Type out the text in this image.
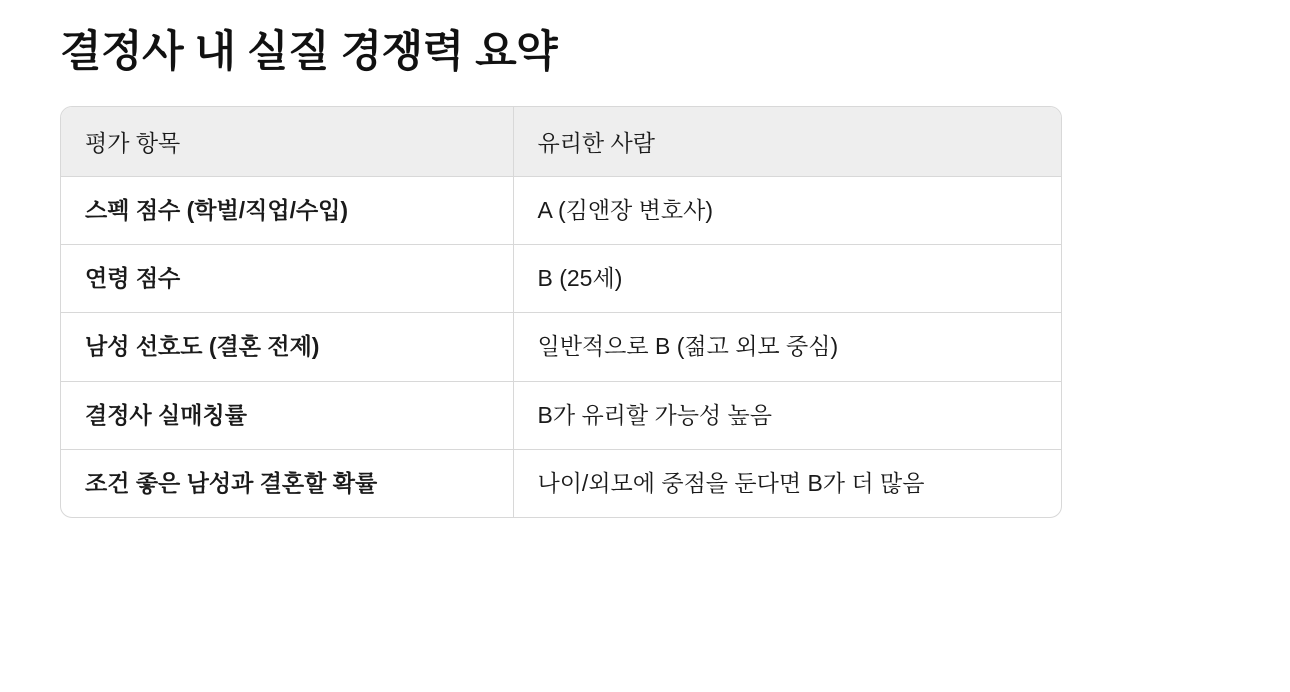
결정사 내 실질 경쟁력 요약
평가 항목	유리한 사람
스펙 점수 (학벌/직업/수입)	A (김앤장 변호사)
연령 점수	B (25세)
남성 선호도 (결혼 전제)	일반적으로 B (젊고 외모 중심)
결정사 실매칭률	B가 유리할 가능성 높음
조건 좋은 남성과 결혼할 확률	나이/외모에 중점을 둔다면 B가 더 많음
